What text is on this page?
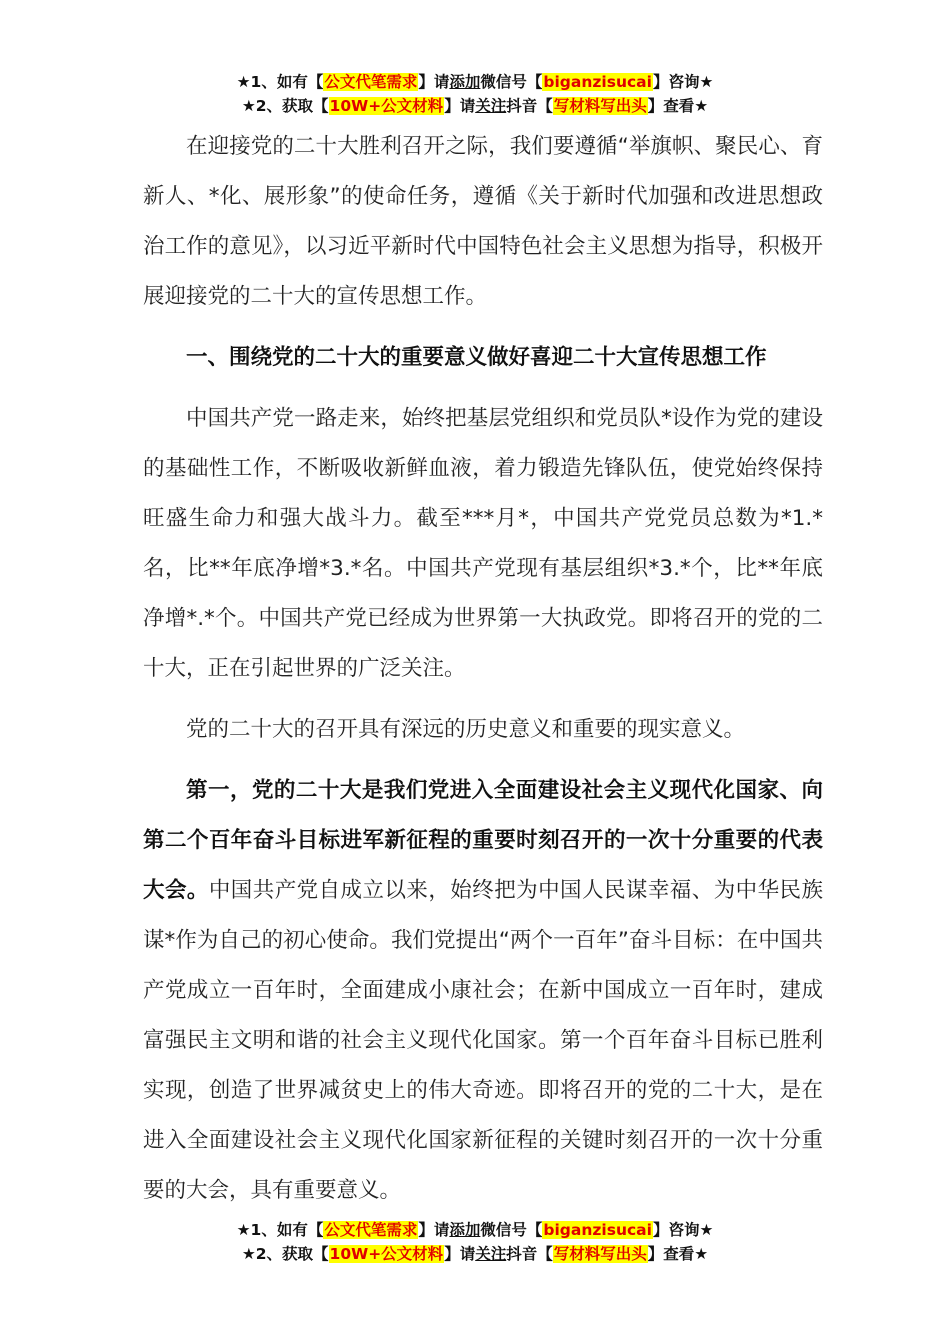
★1、如有【公文代笔需求】请添加微信号【biganzisucai】咨询★
★2、获取【10W+公文材料】请关注抖音【写材料写出头】查看★

在迎接党的二十大胜利召开之际，我们要遵循“举旗帜、聚民心、育新人、*化、展形象”的使命任务，遵循《关于新时代加强和改进思想政治工作的意见》，以习近平新时代中国特色社会主义思想为指导，积极开展迎接党的二十大的宣传思想工作。

一、围绕党的二十大的重要意义做好喜迎二十大宣传思想工作

中国共产党一路走来，始终把基层党组织和党员队*设作为党的建设的基础性工作，不断吸收新鲜血液，着力锻造先锋队伍，使党始终保持旺盛生命力和强大战斗力。截至***月*，中国共产党党员总数为*1.*名，比**年底净增*3.*名。中国共产党现有基层组织*3.*个，比**年底净增*.*个。中国共产党已经成为世界第一大执政党。即将召开的党的二十大，正在引起世界的广泛关注。

党的二十大的召开具有深远的历史意义和重要的现实意义。

第一，党的二十大是我们党进入全面建设社会主义现代化国家、向第二个百年奋斗目标进军新征程的重要时刻召开的一次十分重要的代表大会。中国共产党自成立以来，始终把为中国人民谋幸福、为中华民族谋*作为自己的初心使命。我们党提出“两个一百年”奋斗目标：在中国共产党成立一百年时，全面建成小康社会；在新中国成立一百年时，建成富强民主文明和谐的社会主义现代化国家。第一个百年奋斗目标已胜利实现，创造了世界减贫史上的伟大奇迹。即将召开的党的二十大，是在进入全面建设社会主义现代化国家新征程的关键时刻召开的一次十分重要的大会，具有重要意义。

★1、如有【公文代笔需求】请添加微信号【biganzisucai】咨询★
★2、获取【10W+公文材料】请关注抖音【写材料写出头】查看★
